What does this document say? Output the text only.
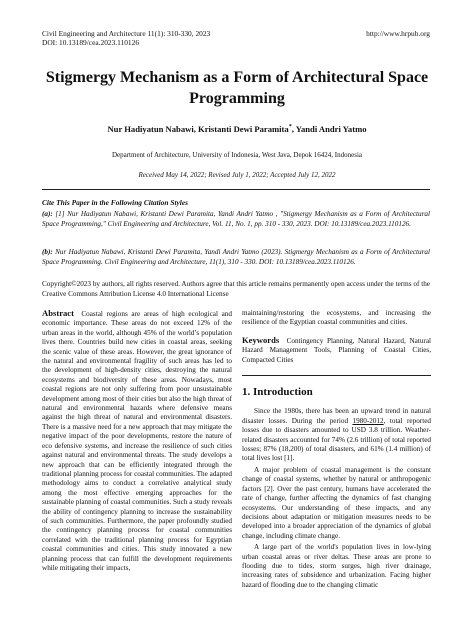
Civil Engineering and Architecture 11(1): 310-330, 2023
DOI: 10.13189/cea.2023.110126
http://www.hrpub.org
Stigmergy Mechanism as a Form of Architectural Space Programming
Nur Hadiyatun Nabawi, Kristanti Dewi Paramita*, Yandi Andri Yatmo
Department of Architecture, University of Indonesia, West Java, Depok 16424, Indonesia
Received May 14, 2022; Revised July 1, 2022; Accepted July 12, 2022
Cite This Paper in the Following Citation Styles
(a): [1] Nur Hadiyatun Nabawi, Kristanti Dewi Paramita, Yandi Andri Yatmo , "Stigmergy Mechanism as a Form of Architectural Space Programming," Civil Engineering and Architecture, Vol. 11, No. 1, pp. 310 - 330, 2023. DOI: 10.13189/cea.2023.110126.
(b): Nur Hadiyatun Nabawi, Kristanti Dewi Paramita, Yandi Andri Yatmo (2023). Stigmergy Mechanism as a Form of Architectural Space Programming. Civil Engineering and Architecture, 11(1), 310 - 330. DOI: 10.13189/cea.2023.110126.
Copyright©2023 by authors, all rights reserved. Authors agree that this article remains permanently open access under the terms of the Creative Commons Attribution License 4.0 International License
Abstract Coastal regions are areas of high ecological and economic importance. These areas do not exceed 12% of the urban areas in the world, although 45% of the world’s population lives there. Countries build new cities in coastal areas, seeking the scenic value of these areas. However, the great ignorance of the natural and environmental fragility of such areas has led to the development of high-density cities, destroying the natural ecosystems and biodiversity of these areas. Nowadays, most coastal regions are not only suffering from poor unsustainable development among most of their cities but also the high threat of natural and environmental hazards where defensive means against the high threat of natural and environmental disasters. There is a massive need for a new approach that may mitigate the negative impact of the poor developments, restore the nature of eco defensive systems, and increase the resilience of such cities against natural and environmental threats. The study develops a new approach that can be efficiently integrated through the traditional planning process for coastal communities. The adapted methodology aims to conduct a correlative analytical study among the most effective emerging approaches for the sustainable planning of coastal communities. Such a study reveals the ability of contingency planning to increase the sustainability of such communities. Furthermore, the paper profoundly studied the contingency planning process for coastal communities correlated with the traditional planning process for Egyptian coastal communities and cities. This study innovated a new planning process that can fulfill the development requirements while mitigating their impacts,
maintaining/restoring the ecosystems, and increasing the resilience of the Egyptian coastal communities and cities.
Keywords Contingency Planning, Natural Hazard, Natural Hazard Management Tools, Planning of Coastal Cities, Compacted Cities
1. Introduction

Since the 1980s, there has been an upward trend in natural disaster losses. During the period 1980-2012, total reported losses due to disasters amounted to USD 3.8 trillion. Weather-related disasters accounted for 74% (2.6 trillion) of total reported losses; 87% (18,200) of total disasters, and 61% (1.4 million) of total lives lost [1].

A major problem of coastal management is the constant change of coastal systems, whether by natural or anthropogenic factors [2]. Over the past century, humans have accelerated the rate of change, further affecting the dynamics of fast changing ecosystems. Our understanding of these impacts, and any decisions about adaptation or mitigation measures needs to be developed into a broader appreciation of the dynamics of global change, including climate change.

A large part of the world's population lives in low-lying urban coastal areas or river deltas. These areas are prone to flooding due to tides, storm surges, high river drainage, increasing rates of subsidence and urbanization. Facing higher hazard of flooding due to the changing climatic
